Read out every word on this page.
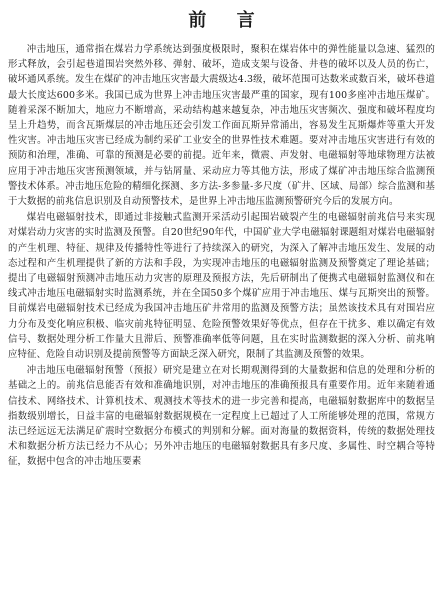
前 言

冲击地压，通常指在煤岩力学系统达到强度极限时，聚积在煤岩体中的弹性能量以急速、猛烈的形式释放，会引起巷道围岩突然外移、弹射、破坏，造成支架与设备、井巷的破坏以及人员的伤亡，破坏通风系统。发生在煤矿的冲击地压灾害最大震级达4.3级，破坏范围可达数米或数百米，破坏巷道最大长度达600多米。我国已成为世界上冲击地压灾害最严重的国家，现有100多座冲击地压煤矿。随着采深不断加大，地应力不断增高，采动结构越来越复杂，冲击地压灾害频次、强度和破坏程度均呈上升趋势，而含瓦斯煤层的冲击地压还会引发工作面瓦斯异常涌出，容易发生瓦斯爆炸等重大开发性灾害。冲击地压灾害已经成为制约采矿工业安全的世界性技术难题。要对冲击地压灾害进行有效的预防和治理，准确、可靠的预测是必要的前提。近年来，微震、声发射、电磁辐射等地球物理方法被应用于冲击地压灾害预测领域，并与钻屑量、采动应力等其他方法，形成了煤矿冲击地压综合监测预警技术体系。冲击地压危险的精细化探测、多方法-多参量-多尺度（矿井、区域、局部）综合监测和基于大数据的前兆信息识别及自动预警技术，是世界上冲击地压监测预警研究今后的发展方向。

煤岩电磁辐射技术，即通过非接触式监测开采活动引起围岩破裂产生的电磁辐射前兆信号来实现对煤岩动力灾害的实时监测及预警。自20世纪90年代，中国矿业大学电磁辐射课题组对煤岩电磁辐射的产生机理、特征、规律及传播特性等进行了持续深入的研究，为深入了解冲击地压发生、发展的动态过程和产生机理提供了新的方法和手段，为实现冲击地压的电磁辐射监测及预警奠定了理论基础；提出了电磁辐射预测冲击地压动力灾害的原理及预报方法，先后研制出了便携式电磁辐射监测仪和在线式冲击地压电磁辐射实时监测系统，并在全国50多个煤矿应用于冲击地压、煤与瓦斯突出的预警。目前煤岩电磁辐射技术已经成为我国冲击地压矿井常用的监测及预警方法；虽然该技术具有对围岩应力分布及变化响应积极、临灾前兆特征明显、危险预警效果好等优点，但存在干扰多、难以确定有效信号、数据处理分析工作量大且滞后、预警准确率低等问题，且在实时监测数据的深入分析、前兆响应特征、危险自动识别及提前预警等方面缺乏深入研究，限制了其监测及预警的效果。

冲击地压电磁辐射预警（预报）研究是建立在对长期观测得到的大量数据和信息的处理和分析的基础之上的。前兆信息能否有效和准确地识别，对冲击地压的准确预报具有重要作用。近年来随着通信技术、网络技术、计算机技术、观测技术等技术的进一步完善和提高，电磁辐射数据库中的数据呈指数级别增长，日益丰富的电磁辐射数据规模在一定程度上已超过了人工所能够处理的范围，常规方法已经远远无法满足矿震时空数据分布模式的判别和分解。面对海量的数据资料，传统的数据处理技术和数据分析方法已经力不从心；另外冲击地压的电磁辐射数据具有多尺度、多属性、时空耦合等特征，数据中包含的冲击地压要素
